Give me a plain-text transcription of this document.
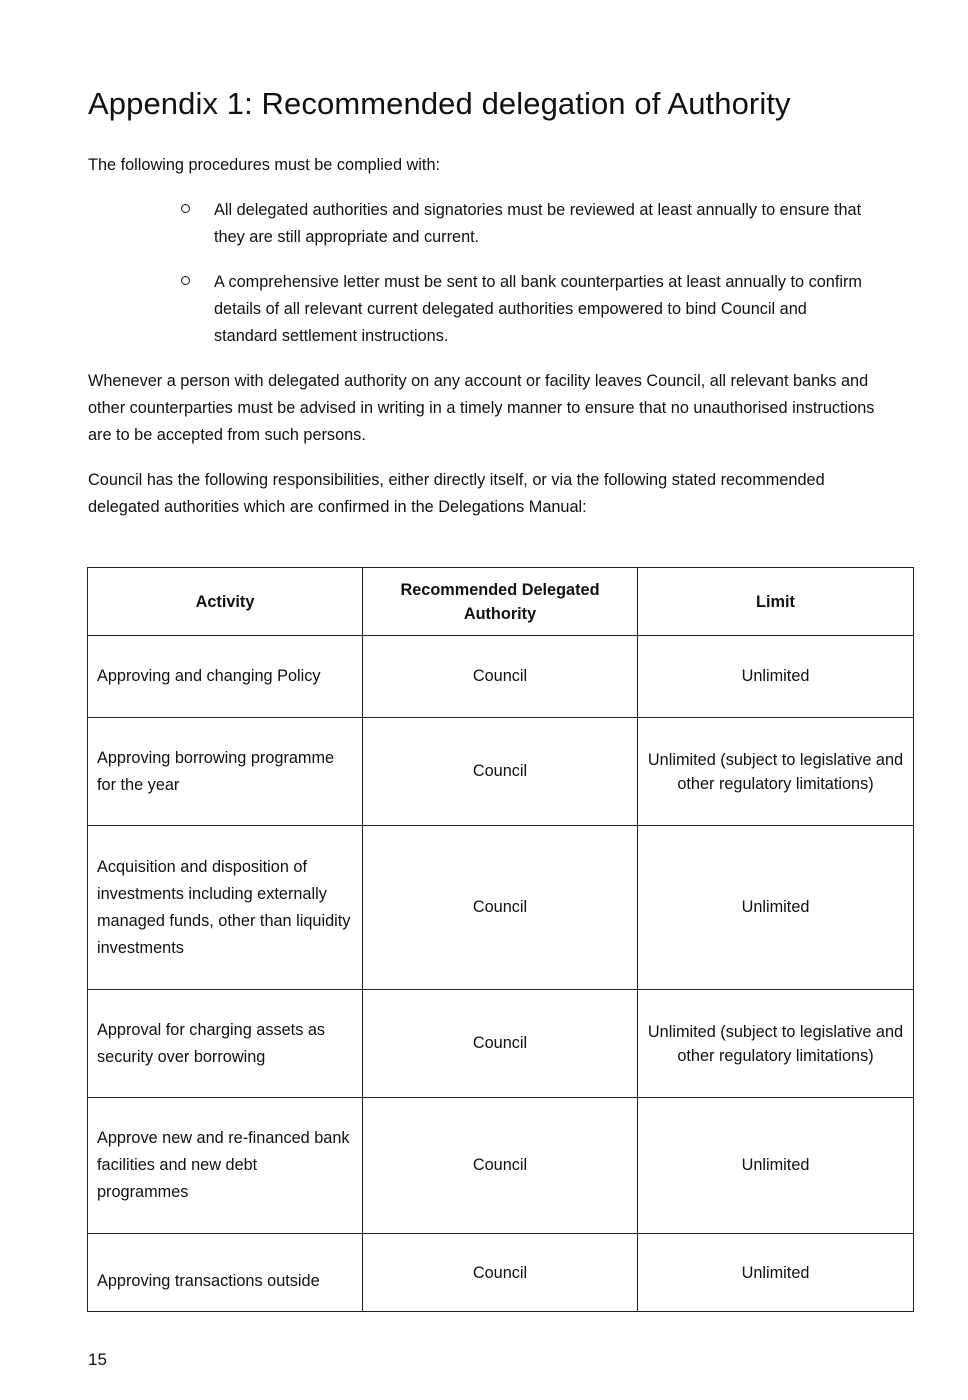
Appendix 1: Recommended delegation of Authority

The following procedures must be complied with:

All delegated authorities and signatories must be reviewed at least annually to ensure that they are still appropriate and current.

A comprehensive letter must be sent to all bank counterparties at least annually to confirm details of all relevant current delegated authorities empowered to bind Council and standard settlement instructions.

Whenever a person with delegated authority on any account or facility leaves Council, all relevant banks and other counterparties must be advised in writing in a timely manner to ensure that no unauthorised instructions are to be accepted from such persons.

Council has the following responsibilities, either directly itself, or via the following stated recommended delegated authorities which are confirmed in the Delegations Manual:

Activity	Recommended Delegated Authority	Limit
Approving and changing Policy	Council	Unlimited
Approving borrowing programme for the year	Council	Unlimited (subject to legislative and other regulatory limitations)
Acquisition and disposition of investments including externally managed funds, other than liquidity investments	Council	Unlimited
Approval for charging assets as security over borrowing	Council	Unlimited (subject to legislative and other regulatory limitations)
Approve new and re-financed bank facilities and new debt programmes	Council	Unlimited
Approving transactions outside	Council	Unlimited

15
